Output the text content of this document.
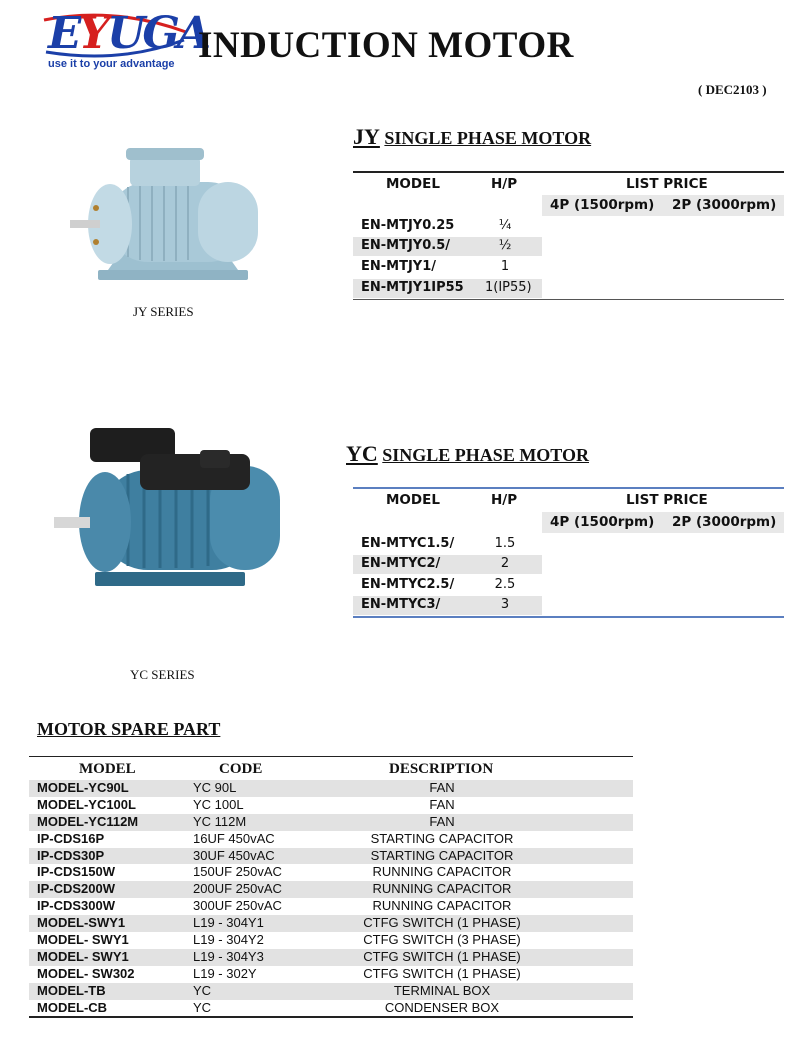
EYUGA
use it to your advantage INDUCTION MOTOR
( DEC2103 )
JY SERIES
JY SINGLE PHASE MOTOR
MODEL	H/P	LIST PRICE
4P (1500rpm) 2P (3000rpm)
EN-MTJY0.25	¼
EN-MTJY0.5/	½
EN-MTJY1/	1
EN-MTJY1IP55 1(IP55)
YC SERIES
YC SINGLE PHASE MOTOR
MODEL	H/P	LIST PRICE
4P (1500rpm) 2P (3000rpm)
EN-MTYC1.5/	1.5
EN-MTYC2/	2
EN-MTYC2.5/	2.5
EN-MTYC3/	3
MOTOR SPARE PART
MODEL	CODE	DESCRIPTION
MODEL-YC90L	YC 90L	FAN
MODEL-YC100L	YC 100L	FAN
MODEL-YC112M	YC 112M	FAN
IP-CDS16P	16UF 450vAC	STARTING CAPACITOR
IP-CDS30P	30UF 450vAC	STARTING CAPACITOR
IP-CDS150W	150UF 250vAC	RUNNING CAPACITOR
IP-CDS200W	200UF 250vAC	RUNNING CAPACITOR
IP-CDS300W	300UF 250vAC	RUNNING CAPACITOR
MODEL-SWY1	L19 - 304Y1	CTFG SWITCH (1 PHASE)
MODEL- SWY1	L19 - 304Y2	CTFG SWITCH (3 PHASE)
MODEL- SWY1	L19 - 304Y3	CTFG SWITCH (1 PHASE)
MODEL- SW302	L19 - 302Y	CTFG SWITCH (1 PHASE)
MODEL-TB	YC	TERMINAL BOX
MODEL-CB	YC	CONDENSER BOX
